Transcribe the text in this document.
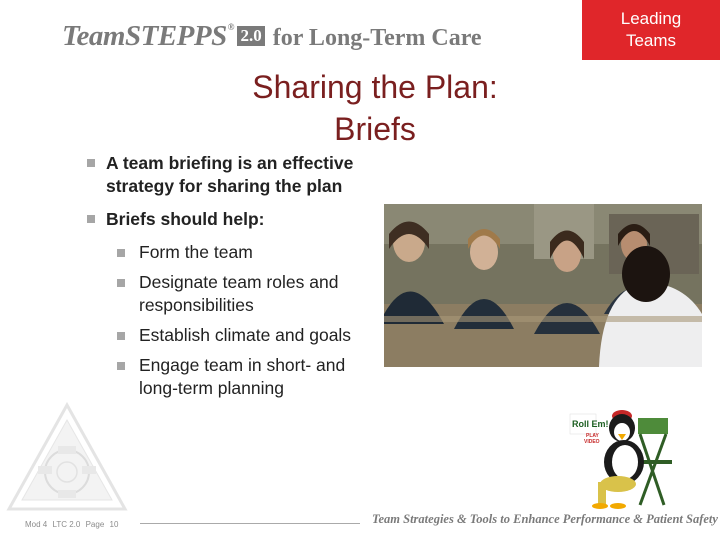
TeamSTEPPS® 2.0 for Long-Term Care
Leading
Teams
Sharing the Plan:
Briefs
A team briefing is an effective strategy for sharing the plan
Briefs should help:
Form the team
Designate team roles and responsibilities
Establish climate and goals
Engage team in short- and long-term planning
Roll Em!
PLAY
VIDEO
Mod 4 LTC 2.0 Page 10	Team Strategies & Tools to Enhance Performance & Patient Safety
